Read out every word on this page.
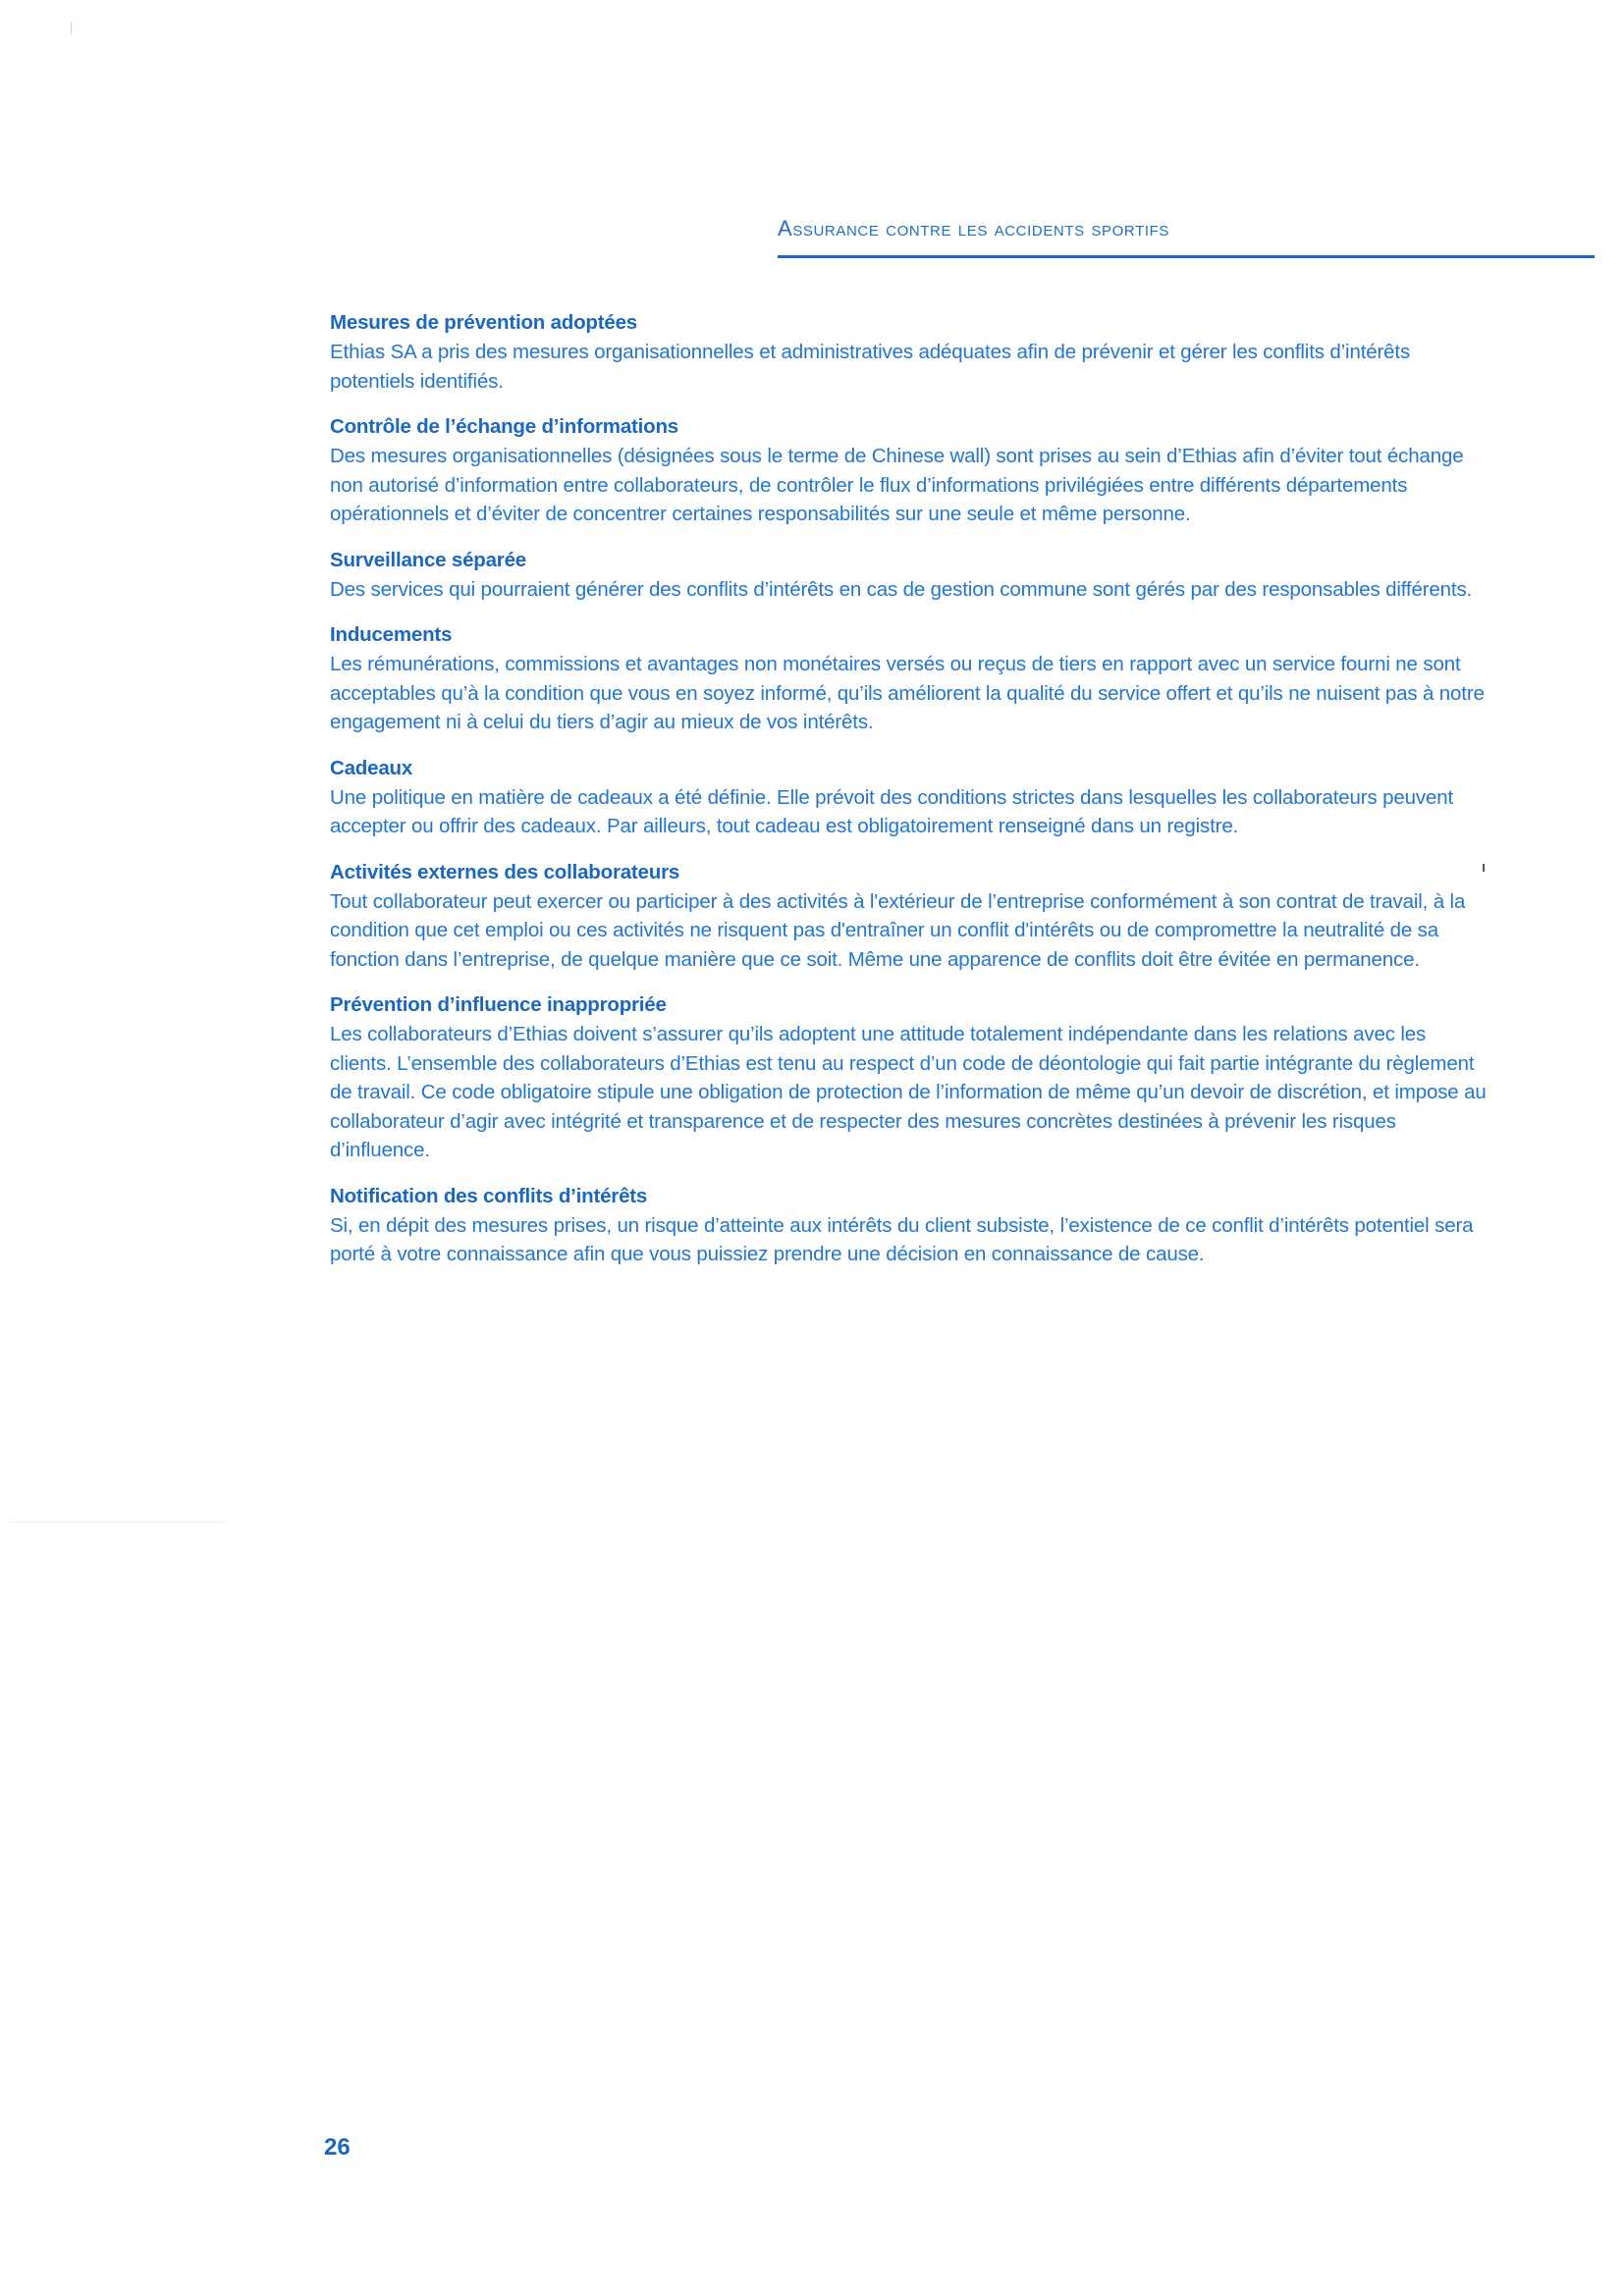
Assurance contre les accidents sportifs
Mesures de prévention adoptées

Ethias SA a pris des mesures organisationnelles et administratives adéquates afin de prévenir et gérer les conflits d’intérêts potentiels identifiés.

Contrôle de l’échange d’informations

Des mesures organisationnelles (désignées sous le terme de Chinese wall) sont prises au sein d’Ethias afin d’éviter tout échange non autorisé d’information entre collaborateurs, de contrôler le flux d’informations privilégiées entre différents départements opérationnels et d’éviter de concentrer certaines responsabilités sur une seule et même personne.

Surveillance séparée

Des services qui pourraient générer des conflits d’intérêts en cas de gestion commune sont gérés par des responsables différents.

Inducements

Les rémunérations, commissions et avantages non monétaires versés ou reçus de tiers en rapport avec un service fourni ne sont acceptables qu’à la condition que vous en soyez informé, qu’ils améliorent la qualité du service offert et qu’ils ne nuisent pas à notre engagement ni à celui du tiers d’agir au mieux de vos intérêts.

Cadeaux

Une politique en matière de cadeaux a été définie. Elle prévoit des conditions strictes dans lesquelles les collaborateurs peuvent accepter ou offrir des cadeaux. Par ailleurs, tout cadeau est obligatoirement renseigné dans un registre.

Activités externes des collaborateurs

Tout collaborateur peut exercer ou participer à des activités à l'extérieur de l’entreprise conformément à son contrat de travail, à la condition que cet emploi ou ces activités ne risquent pas d'entraîner un conflit d'intérêts ou de compromettre la neutralité de sa fonction dans l’entreprise, de quelque manière que ce soit. Même une apparence de conflits doit être évitée en permanence.

Prévention d’influence inappropriée

Les collaborateurs d’Ethias doivent s’assurer qu’ils adoptent une attitude totalement indépendante dans les relations avec les clients. L’ensemble des collaborateurs d’Ethias est tenu au respect d’un code de déontologie qui fait partie intégrante du règlement de travail. Ce code obligatoire stipule une obligation de protection de l’information de même qu’un devoir de discrétion, et impose au collaborateur d’agir avec intégrité et transparence et de respecter des mesures concrètes destinées à prévenir les risques d’influence.

Notification des conflits d’intérêts

Si, en dépit des mesures prises, un risque d’atteinte aux intérêts du client subsiste, l’existence de ce conflit d’intérêts potentiel sera porté à votre connaissance afin que vous puissiez prendre une décision en connaissance de cause.

26
